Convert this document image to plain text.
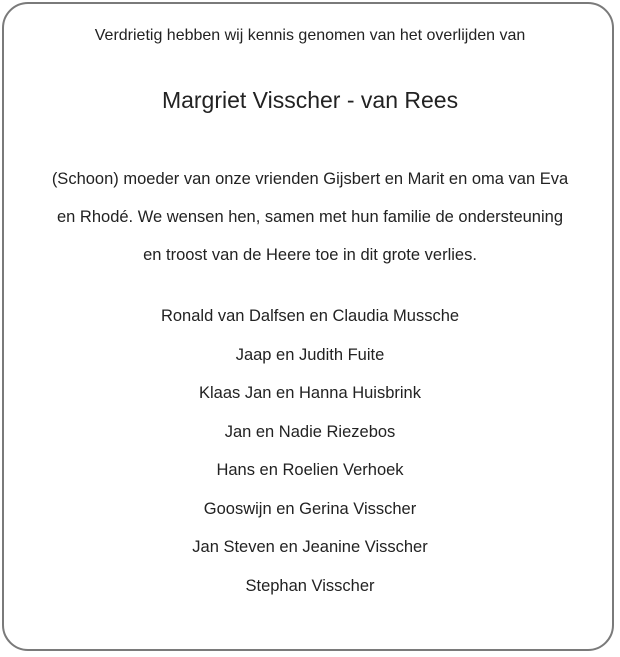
Verdrietig hebben wij kennis genomen van het overlijden van

Margriet Visscher - van Rees

(Schoon) moeder van onze vrienden Gijsbert en Marit en oma van Eva
en Rhodé. We wensen hen, samen met hun familie de ondersteuning
en troost van de Heere toe in dit grote verlies.

Ronald van Dalfsen en Claudia Mussche
Jaap en Judith Fuite
Klaas Jan en Hanna Huisbrink
Jan en Nadie Riezebos
Hans en Roelien Verhoek
Gooswijn en Gerina Visscher
Jan Steven en Jeanine Visscher
Stephan Visscher
